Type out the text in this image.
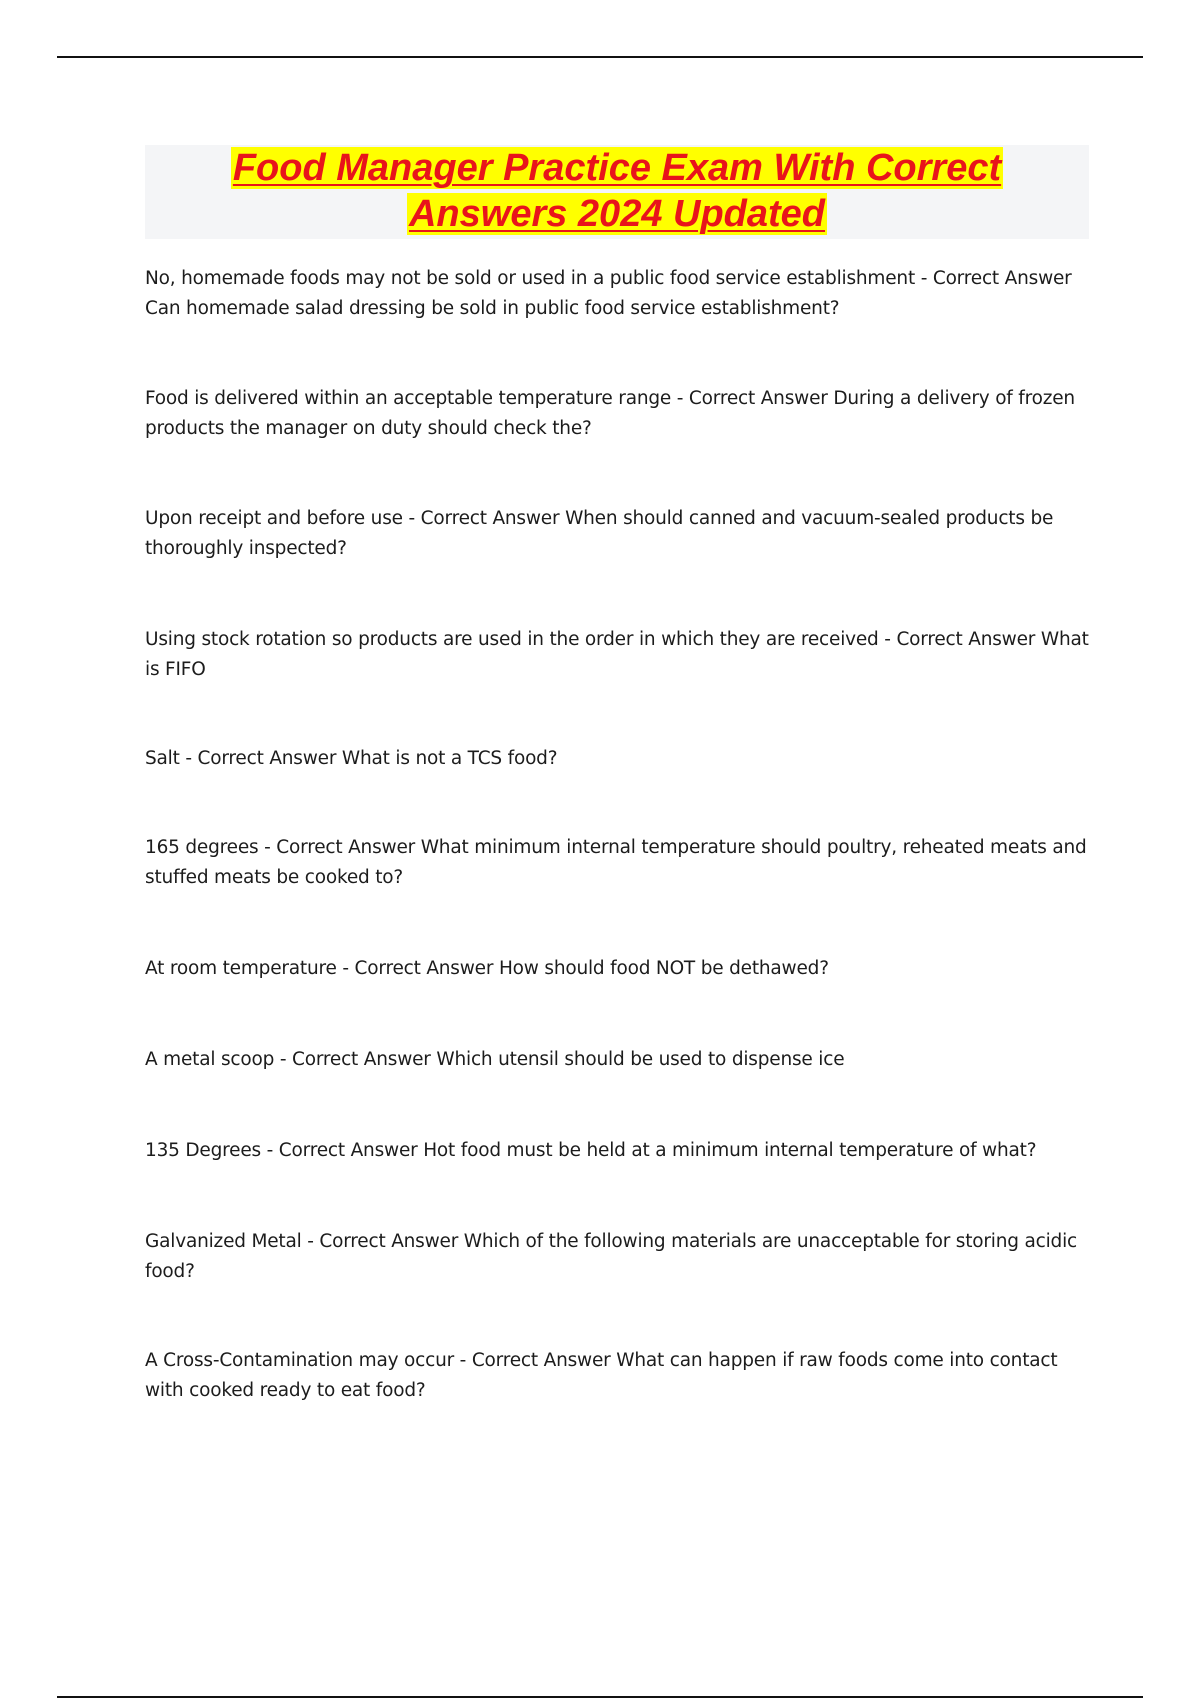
Food Manager Practice Exam With Correct
Answers 2024 Updated

No, homemade foods may not be sold or used in a public food service establishment - Correct Answer Can homemade salad dressing be sold in public food service establishment?

Food is delivered within an acceptable temperature range - Correct Answer During a delivery of frozen products the manager on duty should check the?

Upon receipt and before use - Correct Answer When should canned and vacuum-sealed products be thoroughly inspected?

Using stock rotation so products are used in the order in which they are received - Correct Answer What is FIFO

Salt - Correct Answer What is not a TCS food?

165 degrees - Correct Answer What minimum internal temperature should poultry, reheated meats and stuffed meats be cooked to?

At room temperature - Correct Answer How should food NOT be dethawed?

A metal scoop - Correct Answer Which utensil should be used to dispense ice

135 Degrees - Correct Answer Hot food must be held at a minimum internal temperature of what?

Galvanized Metal - Correct Answer Which of the following materials are unacceptable for storing acidic food?

A Cross-Contamination may occur - Correct Answer What can happen if raw foods come into contact with cooked ready to eat food?
